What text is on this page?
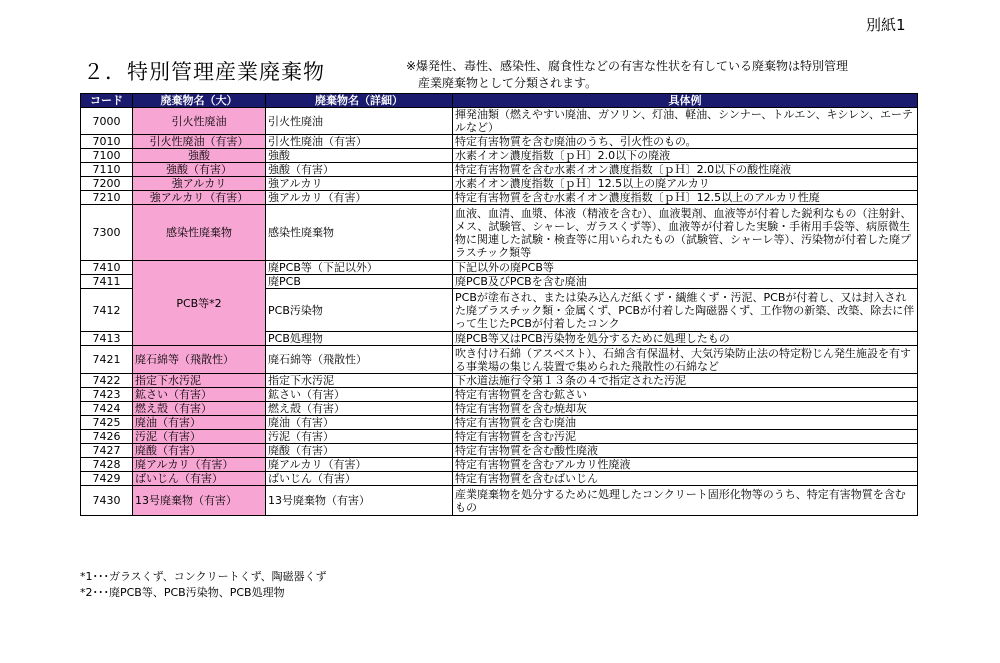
別紙1
２．特別管理産業廃棄物	※爆発性、毒性、感染性、腐食性などの有害な性状を有している廃棄物は特別管理
産業廃棄物として分類されます。
コード	廃棄物名（大）	廃棄物名（詳細）	具体例
7000	引火性廃油	引火性廃油	揮発油類（燃えやすい廃油、ガソリン、灯油、軽油、シンナー、トルエン、キシレン、エーテルなど）
7010	引火性廃油（有害）	引火性廃油（有害）	特定有害物質を含む廃油のうち、引火性のもの。
7100	強酸	強酸	水素イオン濃度指数〔ｐＨ〕2.0以下の廃液
7110	強酸（有害）	強酸（有害）	特定有害物質を含む水素イオン濃度指数〔ｐＨ〕2.0以下の酸性廃液
7200	強アルカリ	強アルカリ	水素イオン濃度指数〔ｐＨ〕12.5以上の廃アルカリ
7210	強アルカリ（有害）	強アルカリ（有害）	特定有害物質を含む水素イオン濃度指数〔ｐＨ〕12.5以上のアルカリ性廃
7300	感染性廃棄物	感染性廃棄物	血液、血清、血漿、体液（精液を含む）、血液製剤、血液等が付着した鋭利なもの（注射針、メス、試験管、シャーレ、ガラスくず等）、血液等が付着した実験・手術用手袋等、病原微生物に関連した試験・検査等に用いられたもの（試験管、シャーレ等）、汚染物が付着した廃プラスチック類等
7410	PCB等*2	廃PCB等（下記以外）	下記以外の廃PCB等
7411		廃PCB	廃PCB及びPCBを含む廃油
7412		PCB汚染物	PCBが塗布され、または染み込んだ紙くず・繊維くず・汚泥、PCBが付着し、又は封入された廃プラスチック類・金属くず、PCBが付着した陶磁器くず、工作物の新築、改築、除去に伴って生じたPCBが付着したコンク
7413		PCB処理物	廃PCB等又はPCB汚染物を処分するために処理したもの
7421	廃石綿等（飛散性）	廃石綿等（飛散性）	吹き付け石綿（アスベスト）、石綿含有保温材、大気汚染防止法の特定粉じん発生施設を有する事業場の集じん装置で集められた飛散性の石綿など
7422	指定下水汚泥	指定下水汚泥	下水道法施行令第１３条の４で指定された汚泥
7423	鉱さい（有害）	鉱さい（有害）	特定有害物質を含む鉱さい
7424	燃え殻（有害）	燃え殻（有害）	特定有害物質を含む焼却灰
7425	廃油（有害）	廃油（有害）	特定有害物質を含む廃油
7426	汚泥（有害）	汚泥（有害）	特定有害物質を含む汚泥
7427	廃酸（有害）	廃酸（有害）	特定有害物質を含む酸性廃液
7428	廃アルカリ（有害）	廃アルカリ（有害）	特定有害物質を含むアルカリ性廃液
7429	ばいじん（有害）	ばいじん（有害）	特定有害物質を含むばいじん
7430	13号廃棄物（有害）	13号廃棄物（有害）	産業廃棄物を処分するために処理したコンクリート固形化物等のうち、特定有害物質を含むもの
*1･･･ガラスくず、コンクリートくず、陶磁器くず
*2･･･廃PCB等、PCB汚染物、PCB処理物
